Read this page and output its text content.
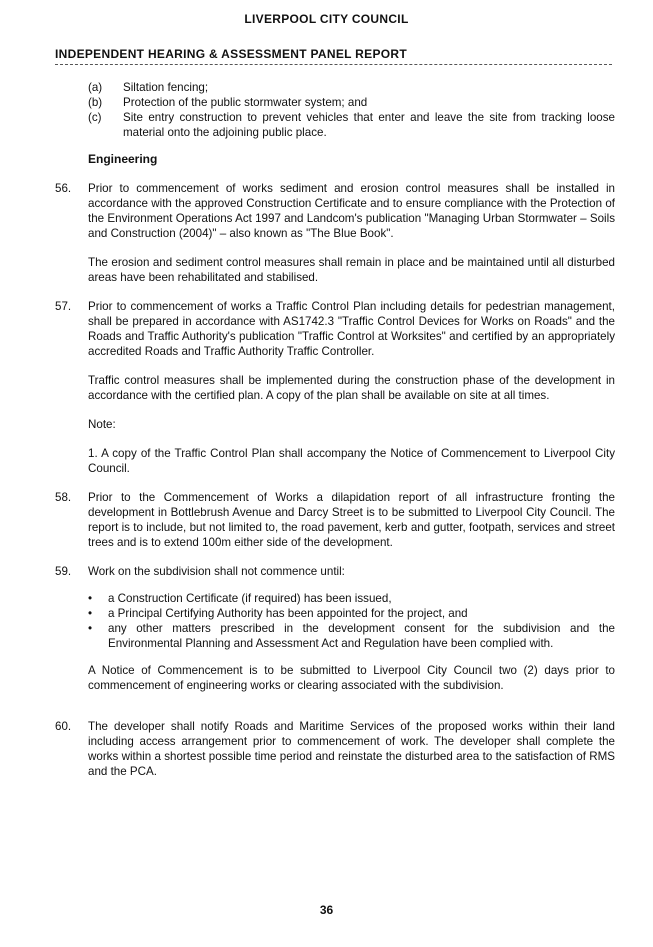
LIVERPOOL CITY COUNCIL
INDEPENDENT HEARING & ASSESSMENT PANEL REPORT
(a)	Siltation fencing;
(b)	Protection of the public stormwater system; and
(c)	Site entry construction to prevent vehicles that enter and leave the site from tracking loose material onto the adjoining public place.
Engineering
56.	Prior to commencement of works sediment and erosion control measures shall be installed in accordance with the approved Construction Certificate and to ensure compliance with the Protection of the Environment Operations Act 1997 and Landcom's publication "Managing Urban Stormwater – Soils and Construction (2004)" – also known as "The Blue Book".

The erosion and sediment control measures shall remain in place and be maintained until all disturbed areas have been rehabilitated and stabilised.

57.	Prior to commencement of works a Traffic Control Plan including details for pedestrian management, shall be prepared in accordance with AS1742.3 "Traffic Control Devices for Works on Roads" and the Roads and Traffic Authority's publication "Traffic Control at Worksites" and certified by an appropriately accredited Roads and Traffic Authority Traffic Controller.

Traffic control measures shall be implemented during the construction phase of the development in accordance with the certified plan. A copy of the plan shall be available on site at all times.

Note:

1. A copy of the Traffic Control Plan shall accompany the Notice of Commencement to Liverpool City Council.

58.	Prior to the Commencement of Works a dilapidation report of all infrastructure fronting the development in Bottlebrush Avenue and Darcy Street is to be submitted to Liverpool City Council. The report is to include, but not limited to, the road pavement, kerb and gutter, footpath, services and street trees and is to extend 100m either side of the development.

59.	Work on the subdivision shall not commence until:

•	a Construction Certificate (if required) has been issued,
•	a Principal Certifying Authority has been appointed for the project, and
•	any other matters prescribed in the development consent for the subdivision and the Environmental Planning and Assessment Act and Regulation have been complied with.

A Notice of Commencement is to be submitted to Liverpool City Council two (2) days prior to commencement of engineering works or clearing associated with the subdivision.

60.	The developer shall notify Roads and Maritime Services of the proposed works within their land including access arrangement prior to commencement of work. The developer shall complete the works within a shortest possible time period and reinstate the disturbed area to the satisfaction of RMS and the PCA.

36
